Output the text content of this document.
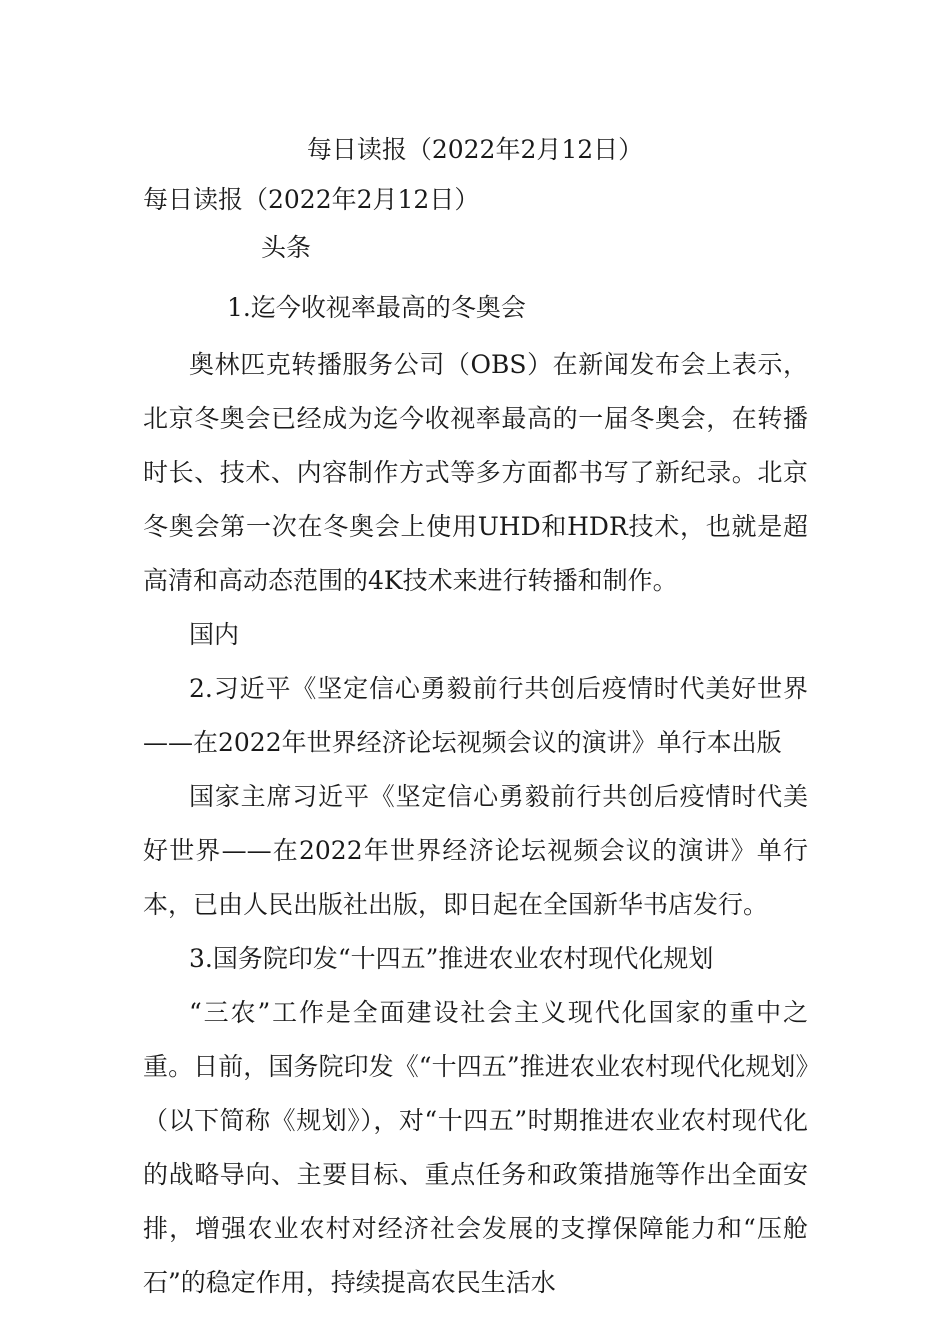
每日读报（2022年2月12日）

每日读报（2022年2月12日）

头条

1.迄今收视率最高的冬奥会

奥林匹克转播服务公司（OBS）在新闻发布会上表示，北京冬奥会已经成为迄今收视率最高的一届冬奥会，在转播时长、技术、内容制作方式等多方面都书写了新纪录。北京冬奥会第一次在冬奥会上使用UHD和HDR技术，也就是超高清和高动态范围的4K技术来进行转播和制作。

国内

2.习近平《坚定信心勇毅前行共创后疫情时代美好世界——在2022年世界经济论坛视频会议的演讲》单行本出版

国家主席习近平《坚定信心勇毅前行共创后疫情时代美好世界——在2022年世界经济论坛视频会议的演讲》单行本，已由人民出版社出版，即日起在全国新华书店发行。

3.国务院印发“十四五”推进农业农村现代化规划

“三农”工作是全面建设社会主义现代化国家的重中之重。日前，国务院印发《“十四五”推进农业农村现代化规划》（以下简称《规划》），对“十四五”时期推进农业农村现代化的战略导向、主要目标、重点任务和政策措施等作出全面安排，增强农业农村对经济社会发展的支撑保障能力和“压舱石”的稳定作用，持续提高农民生活水
